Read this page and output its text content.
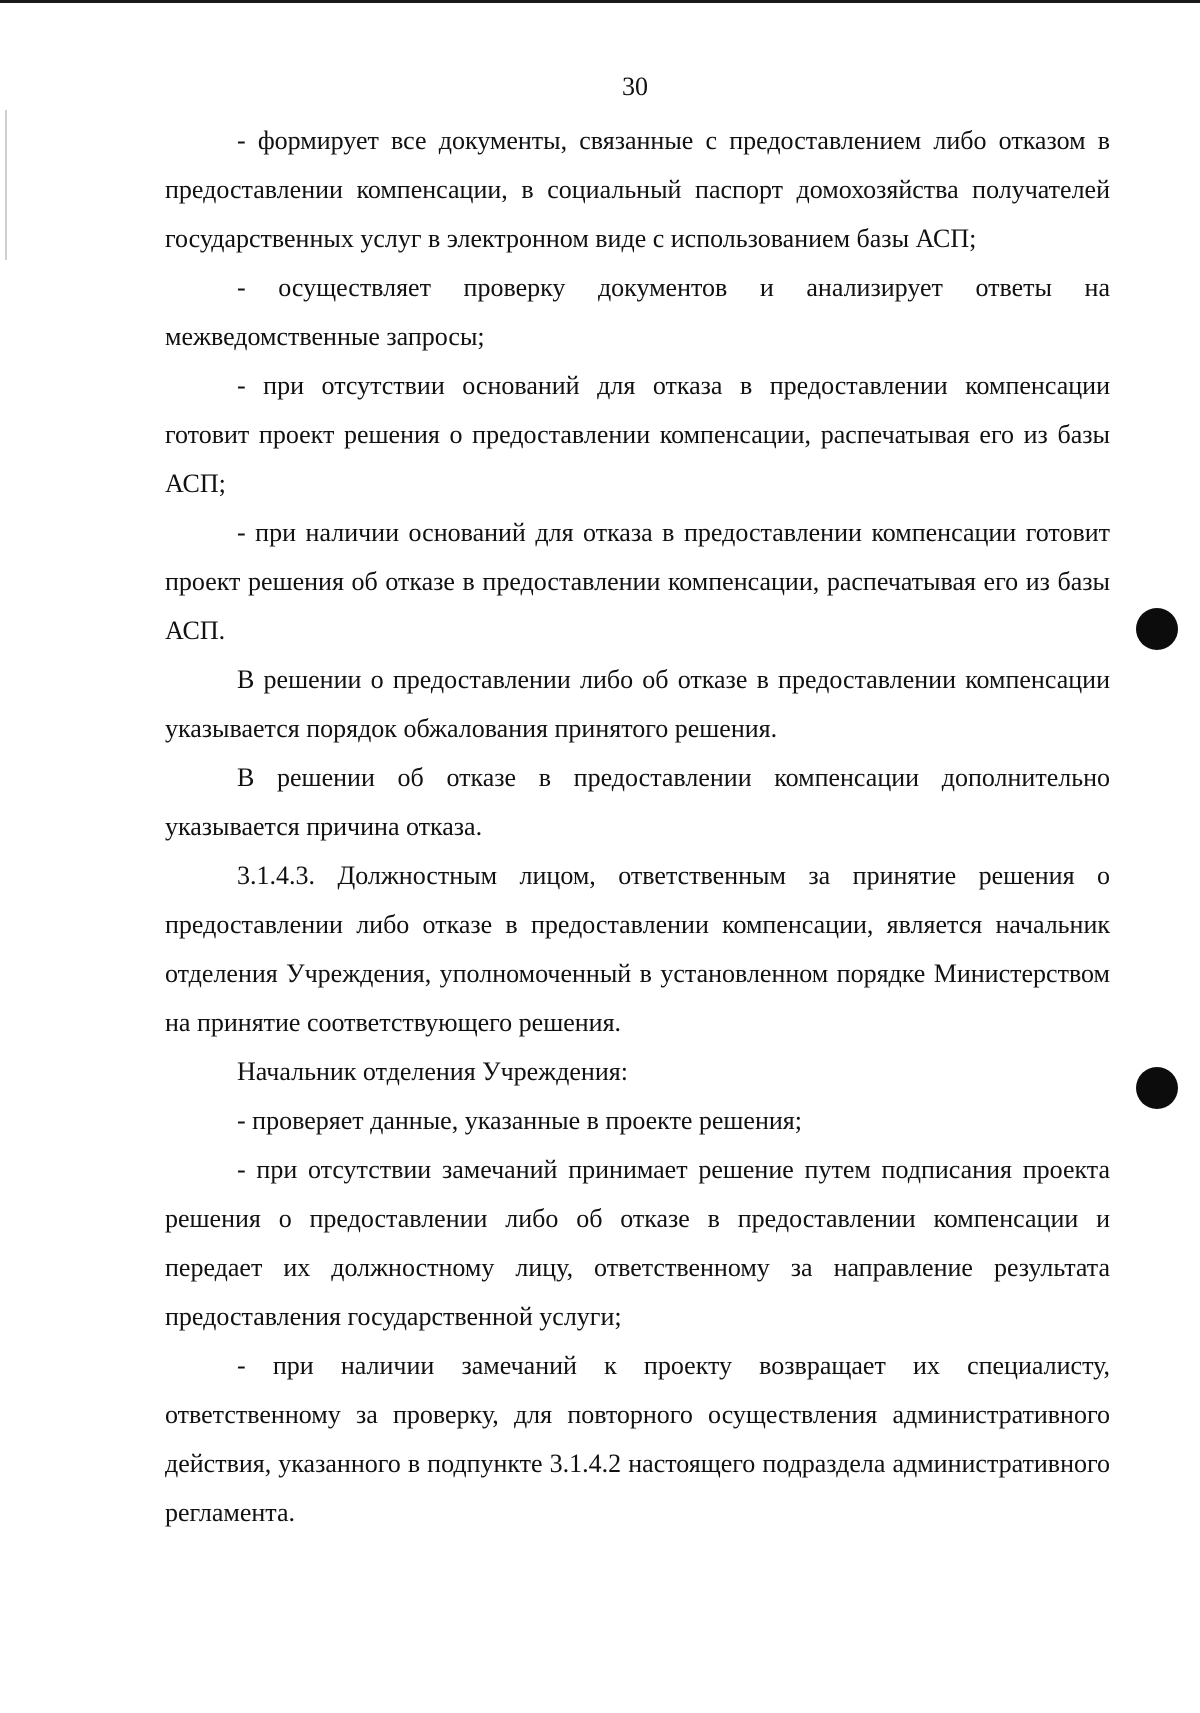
30

- формирует все документы, связанные с предоставлением либо отказом в предоставлении компенсации, в социальный паспорт домохозяйства получателей государственных услуг в электронном виде с использованием базы АСП;

- осуществляет проверку документов и анализирует ответы на межведомственные запросы;

- при отсутствии оснований для отказа в предоставлении компенсации готовит проект решения о предоставлении компенсации, распечатывая его из базы АСП;

- при наличии оснований для отказа в предоставлении компенсации готовит проект решения об отказе в предоставлении компенсации, распечатывая его из базы АСП.

В решении о предоставлении либо об отказе в предоставлении компенсации указывается порядок обжалования принятого решения.

В решении об отказе в предоставлении компенсации дополнительно указывается причина отказа.

3.1.4.3. Должностным лицом, ответственным за принятие решения о предоставлении либо отказе в предоставлении компенсации, является начальник отделения Учреждения, уполномоченный в установленном порядке Министерством на принятие соответствующего решения.

Начальник отделения Учреждения:

- проверяет данные, указанные в проекте решения;

- при отсутствии замечаний принимает решение путем подписания проекта решения о предоставлении либо об отказе в предоставлении компенсации и передает их должностному лицу, ответственному за направление результата предоставления государственной услуги;

- при наличии замечаний к проекту возвращает их специалисту, ответственному за проверку, для повторного осуществления административного действия, указанного в подпункте 3.1.4.2 настоящего подраздела административного регламента.
